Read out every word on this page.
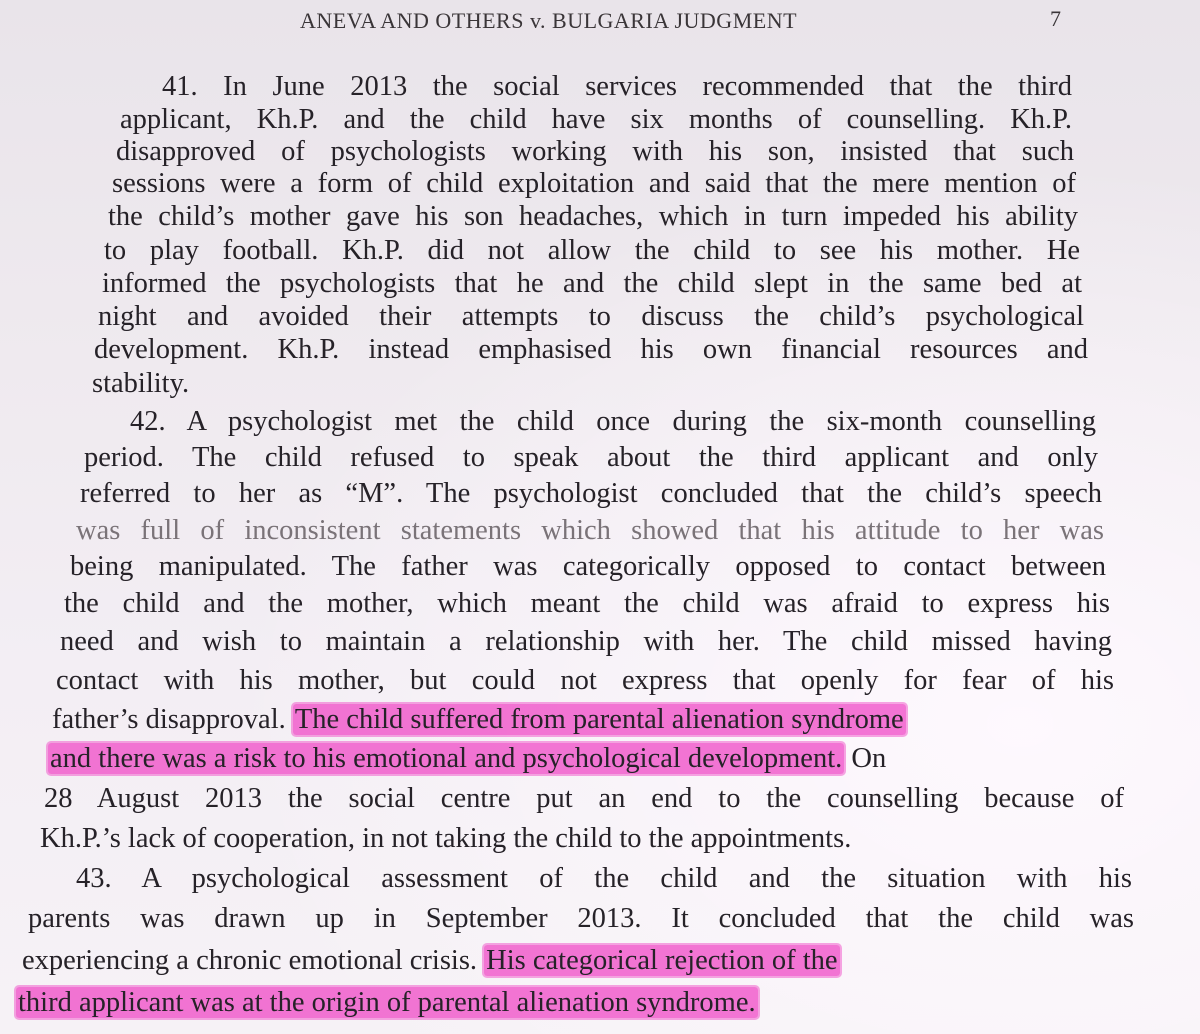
ANEVA AND OTHERS v. BULGARIA JUDGMENT	7
41. In June 2013 the social services recommended that the third
applicant, Kh.P. and the child have six months of counselling. Kh.P.
disapproved of psychologists working with his son, insisted that such
sessions were a form of child exploitation and said that the mere mention of
the child’s mother gave his son headaches, which in turn impeded his ability
to play football. Kh.P. did not allow the child to see his mother. He
informed the psychologists that he and the child slept in the same bed at
night and avoided their attempts to discuss the child’s psychological
development. Kh.P. instead emphasised his own financial resources and
stability.
42. A psychologist met the child once during the six-month counselling
period. The child refused to speak about the third applicant and only
referred to her as “M”. The psychologist concluded that the child’s speech
was full of inconsistent statements which showed that his attitude to her was
being manipulated. The father was categorically opposed to contact between
the child and the mother, which meant the child was afraid to express his
need and wish to maintain a relationship with her. The child missed having
contact with his mother, but could not express that openly for fear of his
father’s disapproval. The child suffered from parental alienation syndrome
and there was a risk to his emotional and psychological development. On
28 August 2013 the social centre put an end to the counselling because of
Kh.P.’s lack of cooperation, in not taking the child to the appointments.
43. A psychological assessment of the child and the situation with his
parents was drawn up in September 2013. It concluded that the child was
experiencing a chronic emotional crisis. His categorical rejection of the
third applicant was at the origin of parental alienation syndrome.
